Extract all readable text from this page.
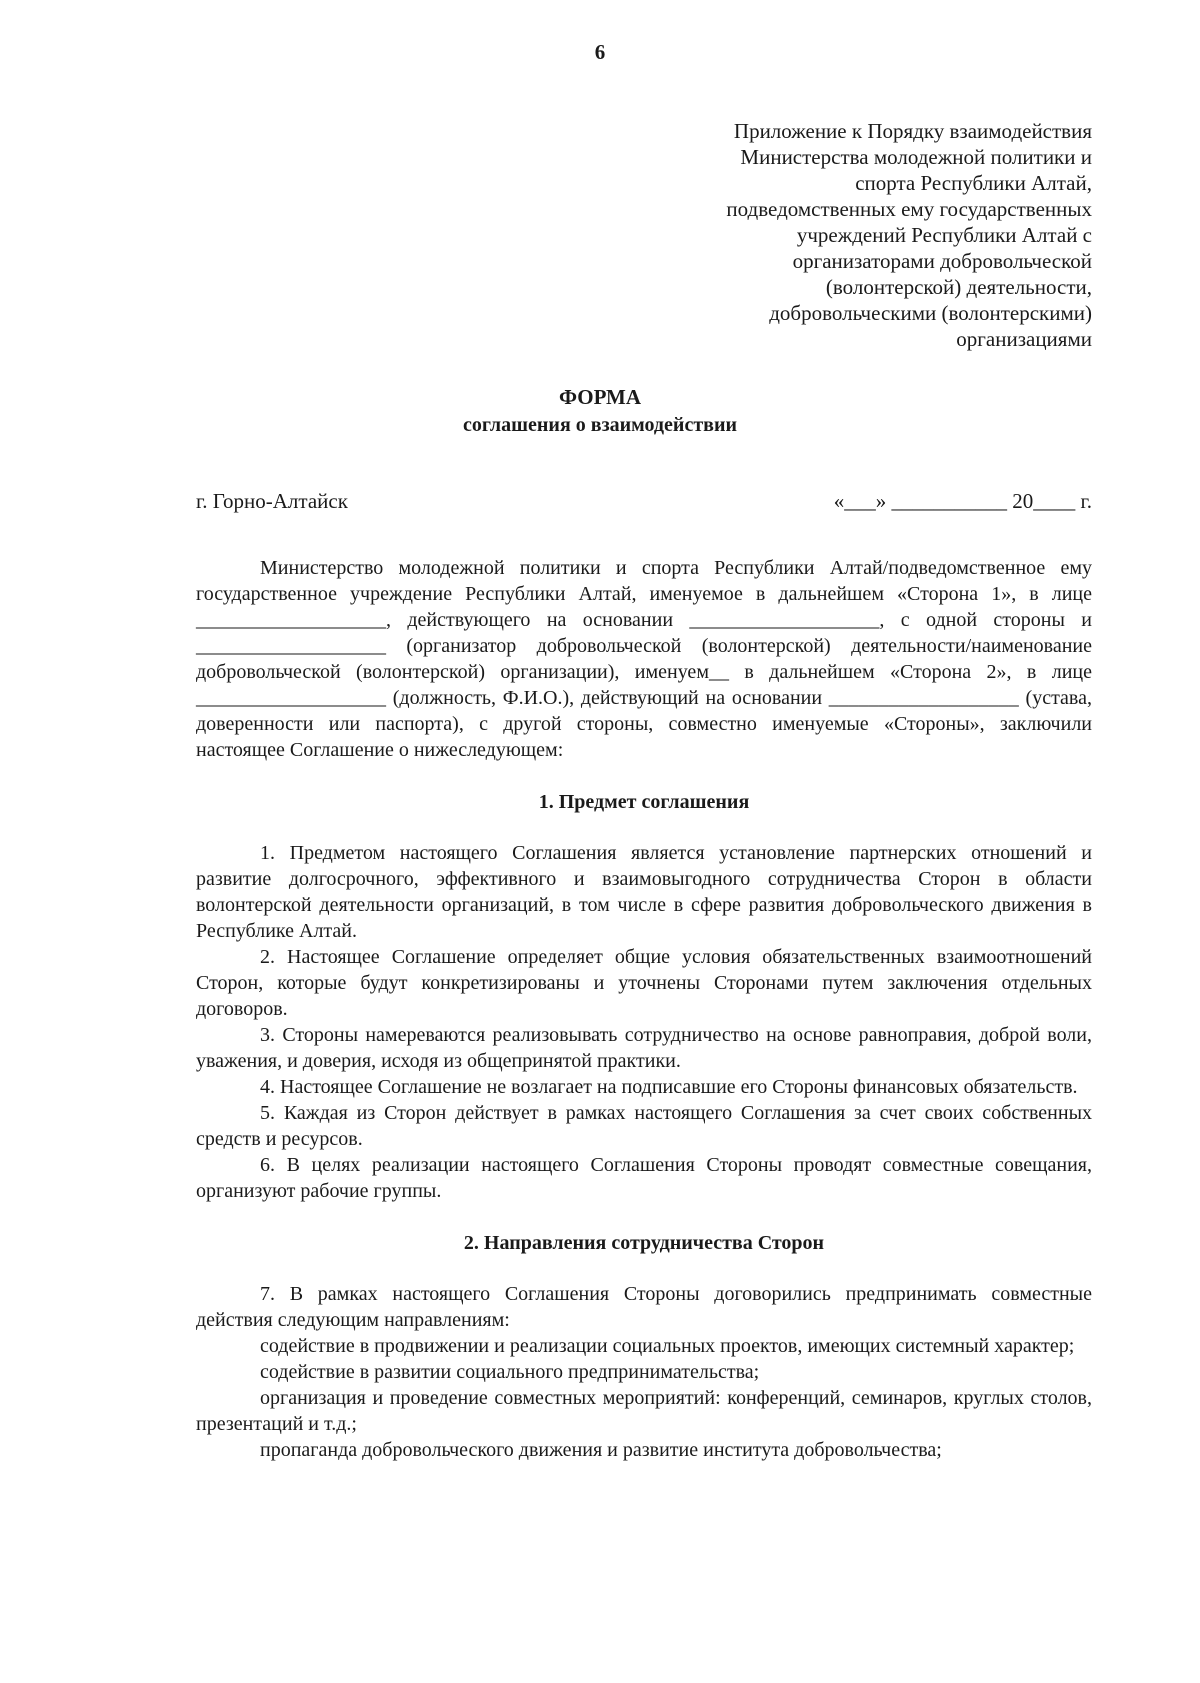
6
Приложение к Порядку взаимодействия
Министерства молодежной политики и
спорта Республики Алтай,
подведомственных ему государственных
учреждений Республики Алтай с
организаторами добровольческой
(волонтерской) деятельности,
добровольческими (волонтерскими)
организациями
ФОРМА
соглашения о взаимодействии
г. Горно-Алтайск	«___» ___________ 20____ г.

Министерство молодежной политики и спорта Республики Алтай/подведомственное ему государственное учреждение Республики Алтай, именуемое в дальнейшем «Сторона 1», в лице ___________________, действующего на основании ___________________, с одной стороны и ___________________ (организатор добровольческой (волонтерской) деятельности/наименование добровольческой (волонтерской) организации), именуем__ в дальнейшем «Сторона 2», в лице ___________________ (должность, Ф.И.О.), действующий на основании ___________________ (устава, доверенности или паспорта), с другой стороны, совместно именуемые «Стороны», заключили настоящее Соглашение о нижеследующем:

1. Предмет соглашения

1. Предметом настоящего Соглашения является установление партнерских отношений и развитие долгосрочного, эффективного и взаимовыгодного сотрудничества Сторон в области волонтерской деятельности организаций, в том числе в сфере развития добровольческого движения в Республике Алтай.

2. Настоящее Соглашение определяет общие условия обязательственных взаимоотношений Сторон, которые будут конкретизированы и уточнены Сторонами путем заключения отдельных договоров.

3. Стороны намереваются реализовывать сотрудничество на основе равноправия, доброй воли, уважения, и доверия, исходя из общепринятой практики.

4. Настоящее Соглашение не возлагает на подписавшие его Стороны финансовых обязательств.

5. Каждая из Сторон действует в рамках настоящего Соглашения за счет своих собственных средств и ресурсов.

6. В целях реализации настоящего Соглашения Стороны проводят совместные совещания, организуют рабочие группы.

2. Направления сотрудничества Сторон

7. В рамках настоящего Соглашения Стороны договорились предпринимать совместные действия следующим направлениям:

содействие в продвижении и реализации социальных проектов, имеющих системный характер;

содействие в развитии социального предпринимательства;

организация и проведение совместных мероприятий: конференций, семинаров, круглых столов, презентаций и т.д.;

пропаганда добровольческого движения и развитие института добровольчества;
